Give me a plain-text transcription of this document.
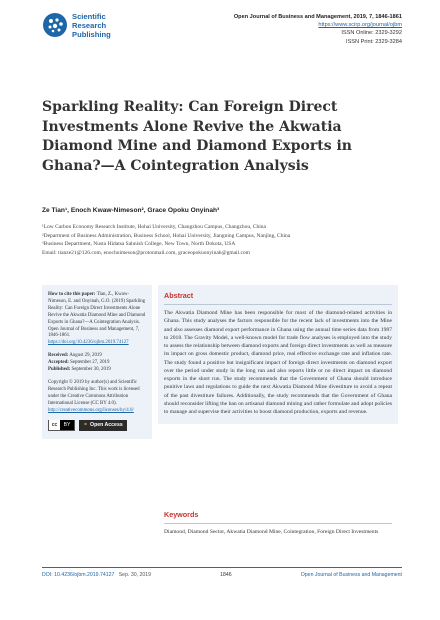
Scientific
Research
Publishing
Open Journal of Business and Management, 2019, 7, 1846-1861
https://www.scirp.org/journal/ojbm
ISSN Online: 2329-3292
ISSN Print: 2329-3284
Sparkling Reality: Can Foreign Direct Investments Alone Revive the Akwatia Diamond Mine and Diamond Exports in Ghana?—A Cointegration Analysis
Ze Tian¹, Enoch Kwaw-Nimeson², Grace Opoku Onyinah³
¹Low Carbon Economy Research Institute, Hohai University, Changzhou Campus, Changzhou, China
²Department of Business Administration, Business School, Hohai University, Jiangning Campus, Nanjing, China
³Business Department, Nusta Hidatsa Sahnish College, New Town, North Dokota, USA
Email: tianze21@126.com, enochnimeson@protonmail.com, graceopokuonyinah@gmail.com
How to cite this paper: Tian, Z., Kwaw-Nimeson, E. and Onyinah, G.O. (2019) Sparkling Reality: Can Foreign Direct Investments Alone Revive the Akwatia Diamond Mine and Diamond Exports in Ghana?—A Cointegration Analysis. Open Journal of Business and Management, 7, 1846-1861. https://doi.org/10.4236/ojbm.2019.74127
Received: August 29, 2019
Accepted: September 27, 2019
Published: September 30, 2019
Copyright © 2019 by author(s) and Scientific Research Publishing Inc. This work is licensed under the Creative Commons Attribution International License (CC BY 4.0).
http://creativecommons.org/licenses/by/4.0/
cc	BY	⚬ Open Access
Abstract

The Akwatia Diamond Mine has been responsible for most of the diamond-related activities in Ghana. This study analyses the factors responsible for the recent lack of investments into the Mine and also assesses diamond export performance in Ghana using the annual time series data from 1987 to 2018. The Gravity Model, a well-known model for trade flow analyses is employed into the study to assess the relationship between diamond exports and foreign direct investments as well as measure its impact on gross domestic product, diamond price, real effective exchange rate and inflation rate. The study found a positive but insignificant impact of foreign direct investments on diamond export over the period under study in the long run and also reports little or no direct impact on diamond exports in the short run. The study recommends that the Government of Ghana should introduce punitive laws and regulations to guide the next Akwatia Diamond Mine divestiture to avoid a repeat of the past divestiture failures. Additionally, the study recommends that the Government of Ghana should reconsider lifting the ban on artisanal diamond mining and rather formulate and adopt policies to manage and supervise their activities to boost diamond production, exports and revenue.

Keywords

Diamond, Diamond Sector, Akwatia Diamond Mine, Cointegration, Foreign Direct Investments

DOI: 10.4236/ojbm.2019.74127 Sep. 30, 2019	1846	Open Journal of Business and Management
